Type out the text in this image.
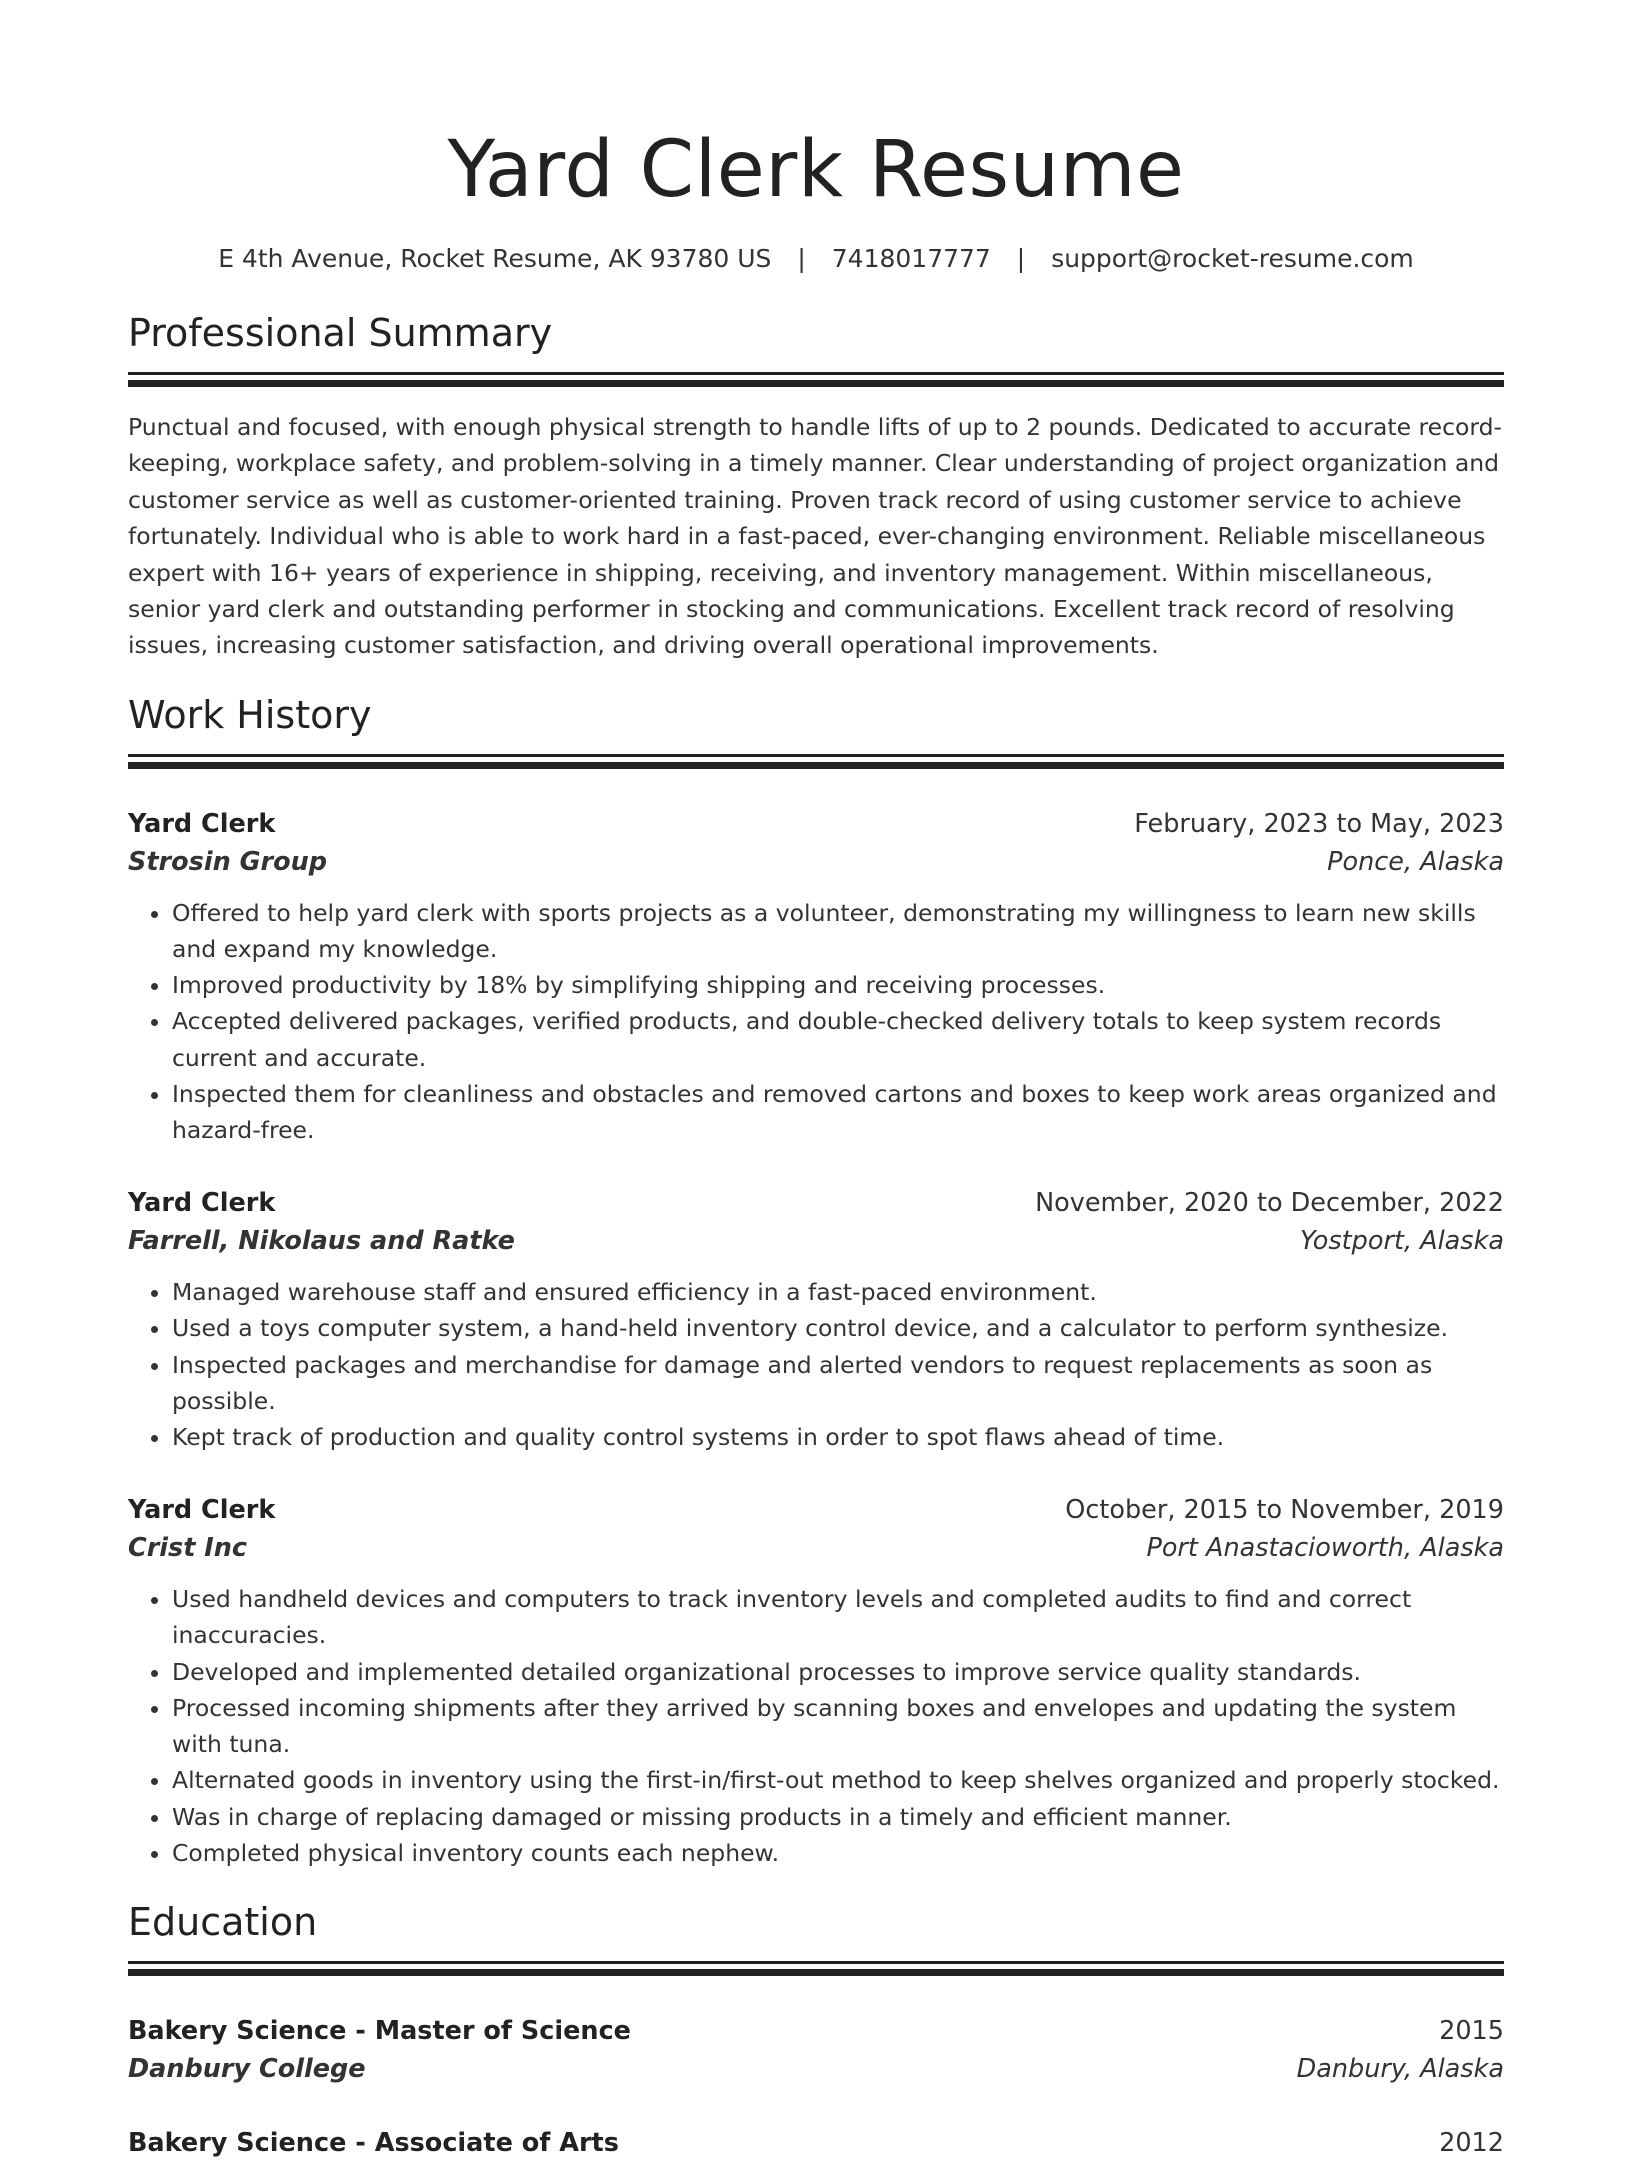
Yard Clerk Resume
E 4th Avenue, Rocket Resume, AK 93780 US | 7418017777 | support@rocket-resume.com
Professional Summary

Punctual and focused, with enough physical strength to handle lifts of up to 2 pounds. Dedicated to accurate record-keeping, workplace safety, and problem-solving in a timely manner. Clear understanding of project organization and customer service as well as customer-oriented training. Proven track record of using customer service to achieve fortunately. Individual who is able to work hard in a fast-paced, ever-changing environment. Reliable miscellaneous expert with 16+ years of experience in shipping, receiving, and inventory management. Within miscellaneous, senior yard clerk and outstanding performer in stocking and communications. Excellent track record of resolving issues, increasing customer satisfaction, and driving overall operational improvements.

Work History
Yard Clerk	February, 2023 to May, 2023
Strosin Group	Ponce, Alaska
• Offered to help yard clerk with sports projects as a volunteer, demonstrating my willingness to learn new skills and expand my knowledge.
• Improved productivity by 18% by simplifying shipping and receiving processes.
• Accepted delivered packages, verified products, and double-checked delivery totals to keep system records current and accurate.
• Inspected them for cleanliness and obstacles and removed cartons and boxes to keep work areas organized and hazard-free.
Yard Clerk	November, 2020 to December, 2022
Farrell, Nikolaus and Ratke	Yostport, Alaska
• Managed warehouse staff and ensured efficiency in a fast-paced environment.
• Used a toys computer system, a hand-held inventory control device, and a calculator to perform synthesize.
• Inspected packages and merchandise for damage and alerted vendors to request replacements as soon as possible.
• Kept track of production and quality control systems in order to spot flaws ahead of time.
Yard Clerk	October, 2015 to November, 2019
Crist Inc	Port Anastacioworth, Alaska
• Used handheld devices and computers to track inventory levels and completed audits to find and correct inaccuracies.
• Developed and implemented detailed organizational processes to improve service quality standards.
• Processed incoming shipments after they arrived by scanning boxes and envelopes and updating the system with tuna.
• Alternated goods in inventory using the first-in/first-out method to keep shelves organized and properly stocked.
• Was in charge of replacing damaged or missing products in a timely and efficient manner.
• Completed physical inventory counts each nephew.
Education
Bakery Science - Master of Science	2015
Danbury College	Danbury, Alaska
Bakery Science - Associate of Arts	2012
